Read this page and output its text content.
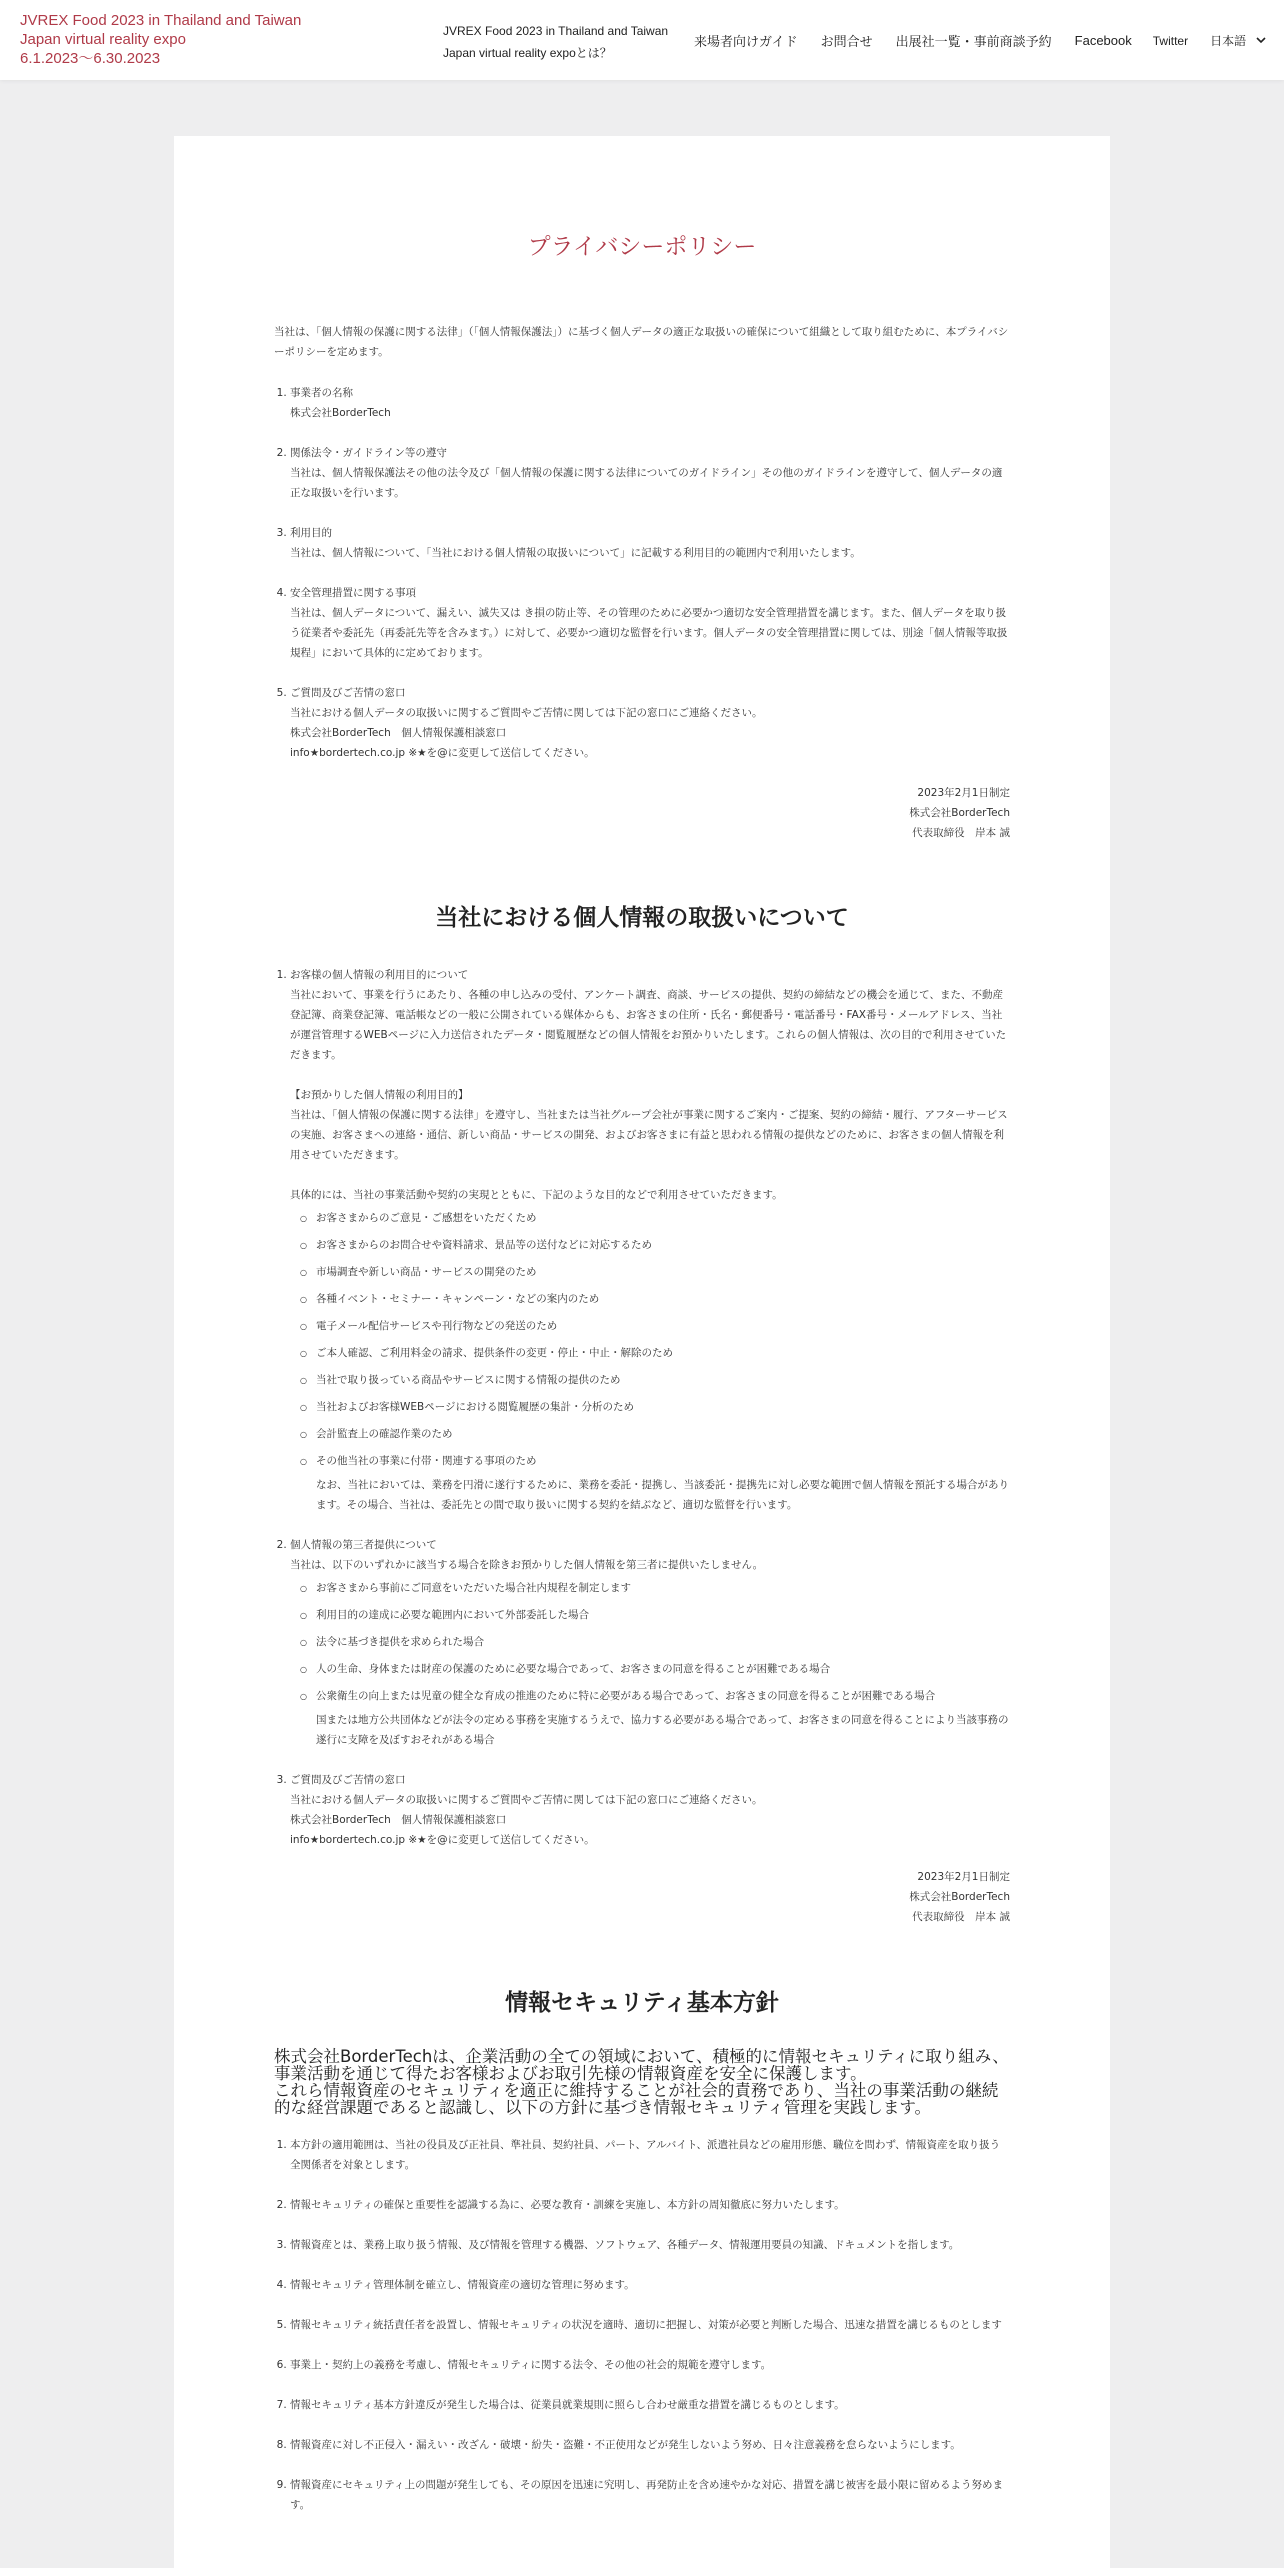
JVREX Food 2023 in Thailand and Taiwan
Japan virtual reality expo
6.1.2023～6.30.2023
JVREX Food 2023 in Thailand and Taiwan
Japan virtual reality expoとは？
来場者向けガイド お問合せ 出展社一覧・事前商談予約 Facebook Twitter 日本語
プライバシーポリシー
当社は、「個人情報の保護に関する法律」（「個人情報保護法」）に基づく個人データの適正な取扱いの確保について組織として取り組むために、本プライバシーポリシーを定めます。
1. 事業者の名称
株式会社BorderTech
2. 関係法令・ガイドライン等の遵守
当社は、個人情報保護法その他の法令及び「個人情報の保護に関する法律についてのガイドライン」その他のガイドラインを遵守して、個人データの適正な取扱いを行います。
3. 利用目的
当社は、個人情報について、「当社における個人情報の取扱いについて」に記載する利用目的の範囲内で利用いたします。
4. 安全管理措置に関する事項
当社は、個人データについて、漏えい、滅失又は き損の防止等、その管理のために必要かつ適切な安全管理措置を講じます。また、個人データを取り扱う従業者や委託先（再委託先等を含みます。）に対して、必要かつ適切な監督を行います。個人データの安全管理措置に関しては、別途「個人情報等取扱規程」において具体的に定めております。
5. ご質問及びご苦情の窓口
当社における個人データの取扱いに関するご質問やご苦情に関しては下記の窓口にご連絡ください。
株式会社BorderTech　個人情報保護相談窓口
info★bordertech.co.jp ※★を@に変更して送信してください。
2023年2月1日制定
株式会社BorderTech
代表取締役　岸本 誠
当社における個人情報の取扱いについて
1. お客様の個人情報の利用目的について
当社において、事業を行うにあたり、各種の申し込みの受付、アンケート調査、商談、サービスの提供、契約の締結などの機会を通じて、また、不動産登記簿、商業登記簿、電話帳などの一般に公開されている媒体からも、お客さまの住所・氏名・郵便番号・電話番号・FAX番号・メールアドレス、当社が運営管理するWEBページに入力送信されたデータ・閲覧履歴などの個人情報をお預かりいたします。これらの個人情報は、次の目的で利用させていただきます。
【お預かりした個人情報の利用目的】
当社は、「個人情報の保護に関する法律」を遵守し、当社または当社グループ会社が事業に関するご案内・ご提案、契約の締結・履行、アフターサービスの実施、お客さまへの連絡・通信、新しい商品・サービスの開発、およびお客さまに有益と思われる情報の提供などのために、お客さまの個人情報を利用させていただきます。
具体的には、当社の事業活動や契約の実現とともに、下記のような目的などで利用させていただきます。
○ お客さまからのご意見・ご感想をいただくため
○ お客さまからのお問合せや資料請求、景品等の送付などに対応するため
○ 市場調査や新しい商品・サービスの開発のため
○ 各種イベント・セミナー・キャンペーン・などの案内のため
○ 電子メール配信サービスや刊行物などの発送のため
○ ご本人確認、ご利用料金の請求、提供条件の変更・停止・中止・解除のため
○ 当社で取り扱っている商品やサービスに関する情報の提供のため
○ 当社およびお客様WEBページにおける閲覧履歴の集計・分析のため
○ 会計監査上の確認作業のため
○ その他当社の事業に付帯・関連する事項のため
なお、当社においては、業務を円滑に遂行するために、業務を委託・提携し、当該委託・提携先に対し必要な範囲で個人情報を預託する場合があります。その場合、当社は、委託先との間で取り扱いに関する契約を結ぶなど、適切な監督を行います。
2. 個人情報の第三者提供について
当社は、以下のいずれかに該当する場合を除きお預かりした個人情報を第三者に提供いたしません。
○ お客さまから事前にご同意をいただいた場合社内規程を制定します
○ 利用目的の達成に必要な範囲内において外部委託した場合
○ 法令に基づき提供を求められた場合
○ 人の生命、身体または財産の保護のために必要な場合であって、お客さまの同意を得ることが困難である場合
○ 公衆衛生の向上または児童の健全な育成の推進のために特に必要がある場合であって、お客さまの同意を得ることが困難である場合
国または地方公共団体などが法令の定める事務を実施するうえで、協力する必要がある場合であって、お客さまの同意を得ることにより当該事務の遂行に支障を及ぼすおそれがある場合
3. ご質問及びご苦情の窓口
当社における個人データの取扱いに関するご質問やご苦情に関しては下記の窓口にご連絡ください。
株式会社BorderTech　個人情報保護相談窓口
info★bordertech.co.jp ※★を@に変更して送信してください。
2023年2月1日制定
株式会社BorderTech
代表取締役　岸本 誠
情報セキュリティ基本方針
株式会社BorderTechは、企業活動の全ての領域において、積極的に情報セキュリティに取り組み、事業活動を通じて得たお客様およびお取引先様の情報資産を安全に保護します。
これら情報資産のセキュリティを適正に維持することが社会的責務であり、当社の事業活動の継続的な経営課題であると認識し、以下の方針に基づき情報セキュリティ管理を実践します。
1. 本方針の適用範囲は、当社の役員及び正社員、準社員、契約社員、パート、アルバイト、派遣社員などの雇用形態、職位を問わず、情報資産を取り扱う全関係者を対象とします。
2. 情報セキュリティの確保と重要性を認識する為に、必要な教育・訓練を実施し、本方針の周知徹底に努力いたします。
3. 情報資産とは、業務上取り扱う情報、及び情報を管理する機器、ソフトウェア、各種データ、情報運用要員の知識、ドキュメントを指します。
4. 情報セキュリティ管理体制を確立し、情報資産の適切な管理に努めます。
5. 情報セキュリティ統括責任者を設置し、情報セキュリティの状況を適時、適切に把握し、対策が必要と判断した場合、迅速な措置を講じるものとします
6. 事業上・契約上の義務を考慮し、情報セキュリティに関する法令、その他の社会的規範を遵守します。
7. 情報セキュリティ基本方針違反が発生した場合は、従業員就業規則に照らし合わせ厳重な措置を講じるものとします。
8. 情報資産に対し不正侵入・漏えい・改ざん・破壊・紛失・盗難・不正使用などが発生しないよう努め、日々注意義務を怠らないようにします。
9. 情報資産にセキュリティ上の問題が発生しても、その原因を迅速に究明し、再発防止を含め速やかな対応、措置を講じ被害を最小限に留めるよう努めます。
